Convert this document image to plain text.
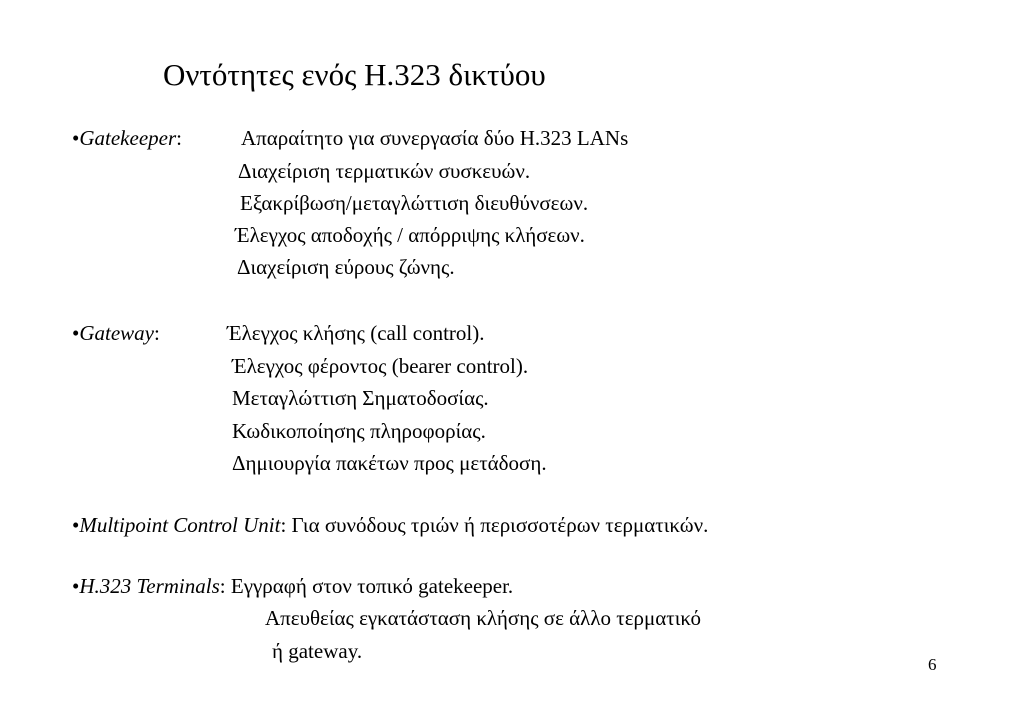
Οντότητες ενός Η.323 δικτύου
•Gatekeeper:	Απαραίτητο για συνεργασία δύο Η.323 LANs
Διαχείριση τερματικών συσκευών.
Εξακρίβωση/μεταγλώττιση διευθύνσεων.
Έλεγχος αποδοχής / απόρριψης κλήσεων.
Διαχείριση εύρους ζώνης.
•Gateway:	Έλεγχος κλήσης (call control).
Έλεγχος φέροντος (bearer control).
Μεταγλώττιση Σηματοδοσίας.
Κωδικοποίησης πληροφορίας.
Δημιουργία πακέτων προς μετάδοση.
•Multipoint Control Unit: Για συνόδους τριών ή περισσοτέρων τερματικών.
•H.323 Terminals: Εγγραφή στον τοπικό gatekeeper.
Απευθείας εγκατάσταση κλήσης σε άλλο τερματικό
ή gateway.
6
